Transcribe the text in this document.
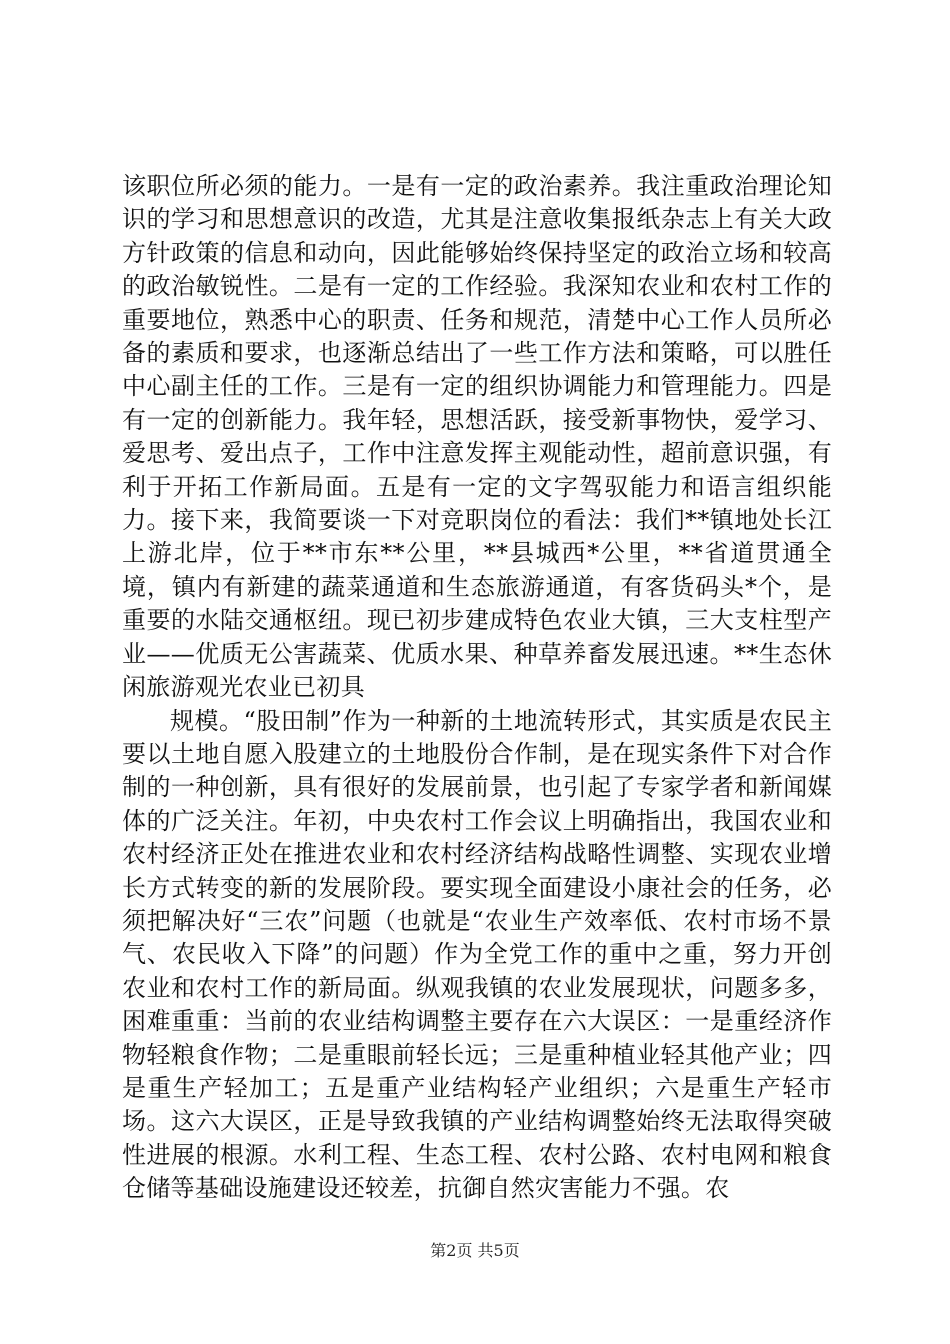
该职位所必须的能力。一是有一定的政治素养。我注重政治理论知识的学习和思想意识的改造，尤其是注意收集报纸杂志上有关大政方针政策的信息和动向，因此能够始终保持坚定的政治立场和较高的政治敏锐性。二是有一定的工作经验。我深知农业和农村工作的重要地位，熟悉中心的职责、任务和规范，清楚中心工作人员所必备的素质和要求，也逐渐总结出了一些工作方法和策略，可以胜任中心副主任的工作。三是有一定的组织协调能力和管理能力。四是有一定的创新能力。我年轻，思想活跃，接受新事物快，爱学习、爱思考、爱出点子，工作中注意发挥主观能动性，超前意识强，有利于开拓工作新局面。五是有一定的文字驾驭能力和语言组织能力。接下来，我简要谈一下对竞职岗位的看法：我们**镇地处长江上游北岸，位于**市东**公里，**县城西*公里，**省道贯通全境，镇内有新建的蔬菜通道和生态旅游通道，有客货码头*个，是重要的水陆交通枢纽。现已初步建成特色农业大镇，三大支柱型产业——优质无公害蔬菜、优质水果、种草养畜发展迅速。**生态休闲旅游观光农业已初具

规模。“股田制”作为一种新的土地流转形式，其实质是农民主要以土地自愿入股建立的土地股份合作制，是在现实条件下对合作制的一种创新，具有很好的发展前景，也引起了专家学者和新闻媒体的广泛关注。年初，中央农村工作会议上明确指出，我国农业和农村经济正处在推进农业和农村经济结构战略性调整、实现农业增长方式转变的新的发展阶段。要实现全面建设小康社会的任务，必须把解决好“三农”问题（也就是“农业生产效率低、农村市场不景气、农民收入下降”的问题）作为全党工作的重中之重，努力开创农业和农村工作的新局面。纵观我镇的农业发展现状，问题多多，困难重重：当前的农业结构调整主要存在六大误区：一是重经济作物轻粮食作物；二是重眼前轻长远；三是重种植业轻其他产业；四是重生产轻加工；五是重产业结构轻产业组织；六是重生产轻市场。这六大误区，正是导致我镇的产业结构调整始终无法取得突破性进展的根源。水利工程、生态工程、农村公路、农村电网和粮食仓储等基础设施建设还较差，抗御自然灾害能力不强。农

第2页 共5页
